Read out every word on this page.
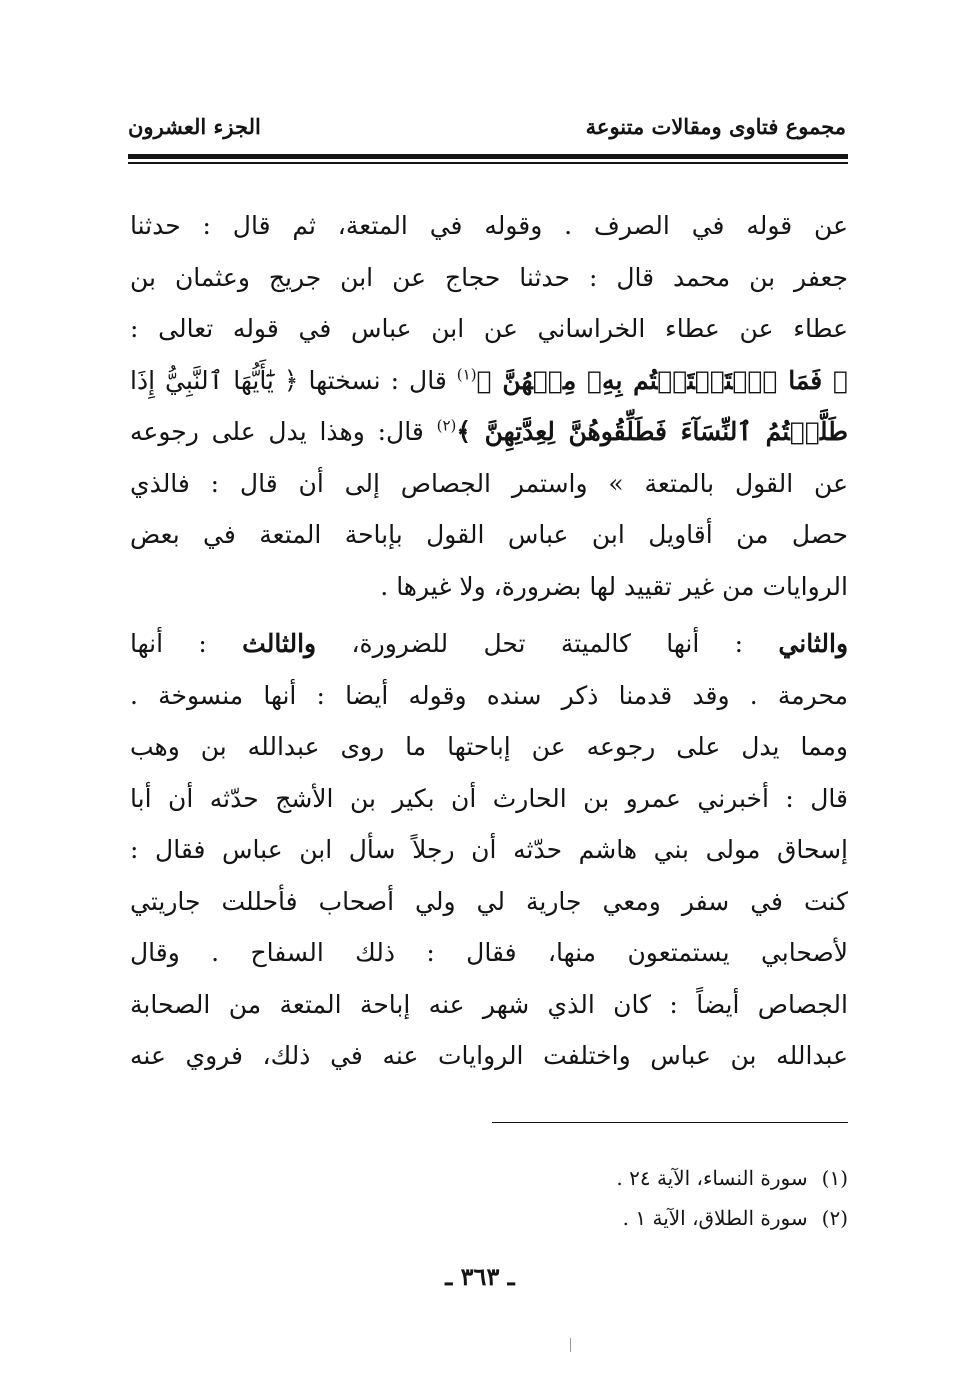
مجموع فتاوى ومقالات متنوعة
الجزء العشرون
عن قوله في الصرف . وقوله في المتعة، ثم قال : حدثنا
جعفر بن محمد قال : حدثنا حجاج عن ابن جريج وعثمان بن
عطاء عن عطاء الخراساني عن ابن عباس في قوله تعالى :
﴿ فَمَا ٱسۡتَمۡتَعۡتُم بِهِۦ مِنۡهُنَّ ﴾$^{(١)}$ قال : نسختها ﴿ يَٰٓأَيُّهَا ٱلنَّبِيُّ إِذَا
طَلَّقۡتُمُ ٱلنِّسَآءَ فَطَلِّقُوهُنَّ لِعِدَّتِهِنَّ ﴾$^{(٢)}$ قال: وهذا يدل على رجوعه
عن القول بالمتعة » واستمر الجصاص إلى أن قال : فالذي
حصل من أقاويل ابن عباس القول بإباحة المتعة في بعض
الروايات من غير تقييد لها بضرورة، ولا غيرها .
والثاني : أنها كالميتة تحل للضرورة، والثالث : أنها
محرمة . وقد قدمنا ذكر سنده وقوله أيضا : أنها منسوخة .
ومما يدل على رجوعه عن إباحتها ما روى عبدالله بن وهب
قال : أخبرني عمرو بن الحارث أن بكير بن الأشج حدّثه أن أبا
إسحاق مولى بني هاشم حدّثه أن رجلاً سأل ابن عباس فقال :
كنت في سفر ومعي جارية لي ولي أصحاب فأحللت جاريتي
لأصحابي يستمتعون منها، فقال : ذلك السفاح . وقال
الجصاص أيضاً : كان الذي شهر عنه إباحة المتعة من الصحابة
عبدالله بن عباس واختلفت الروايات عنه في ذلك، فروي عنه
(١)سورة النساء، الآية ٢٤ .
(٢)سورة الطلاق، الآية ١ .
ـ ٣٦٣ ـ
